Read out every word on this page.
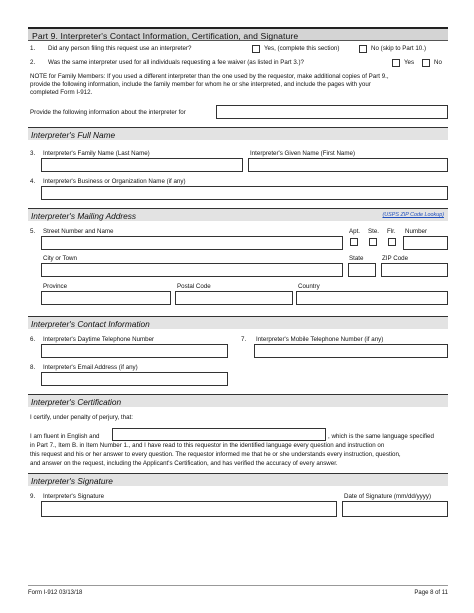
Part 9. Interpreter's Contact Information, Certification, and Signature
1. Did any person filing this request use an interpreter?	Yes, (complete this section)	No (skip to Part 10.)
2. Was the same interpreter used for all individuals requesting a fee waiver (as listed in Part 3.)?	Yes	No
NOTE for Family Members: If you used a different interpreter than the one used by the requestor, make additional copies of Part 9.,
provide the following information, include the family member for whom he or she interpreted, and include the pages with your
completed Form I-912.
Provide the following information about the interpreter for
Interpreter's Full Name
3. Interpreter's Family Name (Last Name)	Interpreter's Given Name (First Name)
4. Interpreter's Business or Organization Name (if any)
Interpreter's Mailing Address	(USPS ZIP Code Lookup)
5. Street Number and Name	Apt. Ste. Flr. Number
City or Town	State	ZIP Code
Province	Postal Code	Country
Interpreter's Contact Information
6. Interpreter's Daytime Telephone Number	7. Interpreter's Mobile Telephone Number (if any)
8. Interpreter's Email Address (if any)
Interpreter's Certification
I certify, under penalty of perjury, that:
I am fluent in English and	, which is the same language specified
in Part 7., Item B. in Item Number 1., and I have read to this requestor in the identified language every question and instruction on
this request and his or her answer to every question. The requestor informed me that he or she understands every instruction, question,
and answer on the request, including the Applicant's Certification, and has verified the accuracy of every answer.
Interpreter's Signature
9. Interpreter's Signature	Date of Signature (mm/dd/yyyy)
Form I-912 03/13/18	Page 8 of 11
